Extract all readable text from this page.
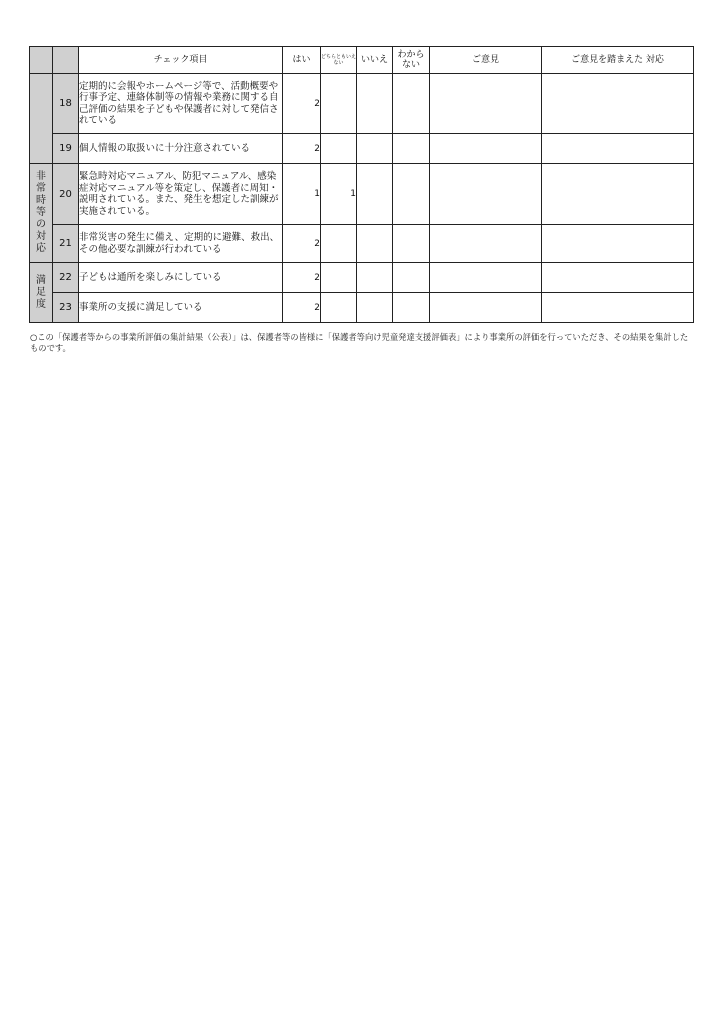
		チェック項目	はい	どちらともいえない	いいえ	わから ない	ご意見	ご意見を踏まえた 対応
	18	定期的に会報やホームページ等で、活動概要や行事予定、連絡体制等の情報や業務に関する自己評価の結果を子どもや保護者に対して発信されている	2					
	19	個人情報の取扱いに十分注意されている	2					
非常時等の対応	20	緊急時対応マニュアル、防犯マニュアル、感染症対応マニュアル等を策定し、保護者に周知・説明されている。また、発生を想定した訓練が実施されている。	1	1				
	21	非常災害の発生に備え、定期的に避難、救出、その他必要な訓練が行われている	2					
満足度	22	子どもは通所を楽しみにしている	2					
	23	事業所の支援に満足している	2					
○この「保護者等からの事業所評価の集計結果（公表）」は、保護者等の皆様に「保護者等向け児童発達支援評価表」により事業所の評価を行っていただき、その結果を集計したものです。
